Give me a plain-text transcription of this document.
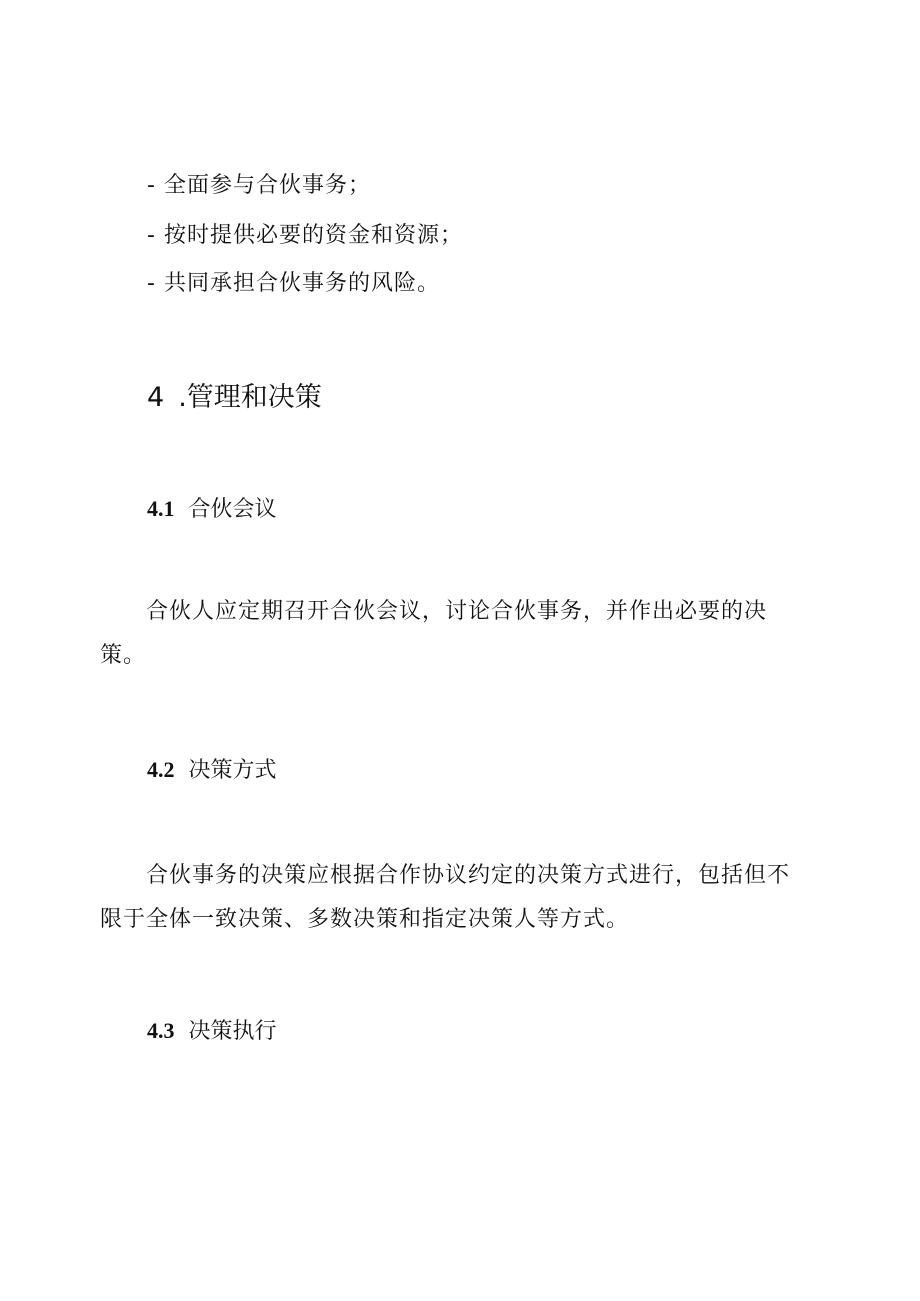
- 全面参与合伙事务；
- 按时提供必要的资金和资源；
- 共同承担合伙事务的风险。
4 .管理和决策
4.1 合伙会议

合伙人应定期召开合伙会议，讨论合伙事务，并作出必要的决策。

4.2 决策方式

合伙事务的决策应根据合作协议约定的决策方式进行，包括但不限于全体一致决策、多数决策和指定决策人等方式。

4.3 决策执行
